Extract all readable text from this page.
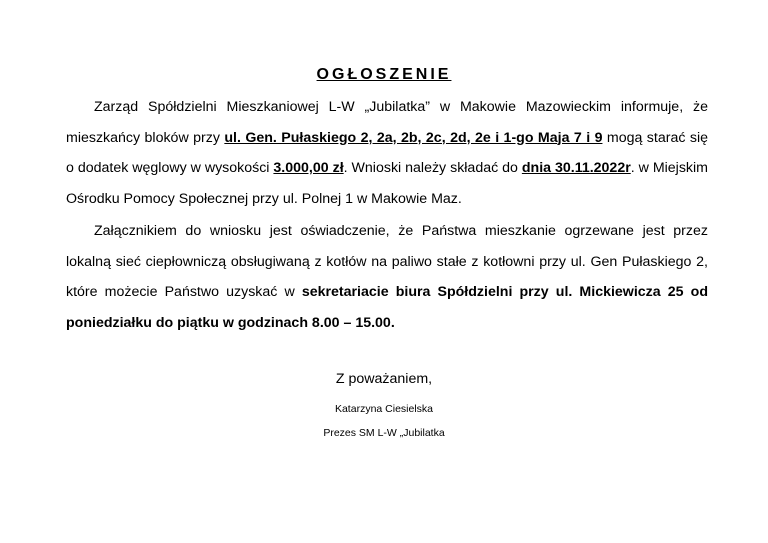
OGŁOSZENIE

Zarząd Spółdzielni Mieszkaniowej L-W „Jubilatka” w Makowie Mazowieckim informuje, że mieszkańcy bloków przy ul. Gen. Pułaskiego 2, 2a, 2b, 2c, 2d, 2e i 1-go Maja 7 i 9 mogą starać się o dodatek węglowy w wysokości 3.000,00 zł. Wnioski należy składać do dnia 30.11.2022r. w Miejskim Ośrodku Pomocy Społecznej przy ul. Polnej 1 w Makowie Maz.

Załącznikiem do wniosku jest oświadczenie, że Państwa mieszkanie ogrzewane jest przez lokalną sieć ciepłowniczą obsługiwaną z kotłów na paliwo stałe z kotłowni przy ul. Gen Pułaskiego 2, które możecie Państwo uzyskać w sekretariacie biura Spółdzielni przy ul. Mickiewicza 25 od poniedziałku do piątku w godzinach 8.00 – 15.00.

Z poważaniem,
Katarzyna Ciesielska
Prezes SM L-W „Jubilatka
